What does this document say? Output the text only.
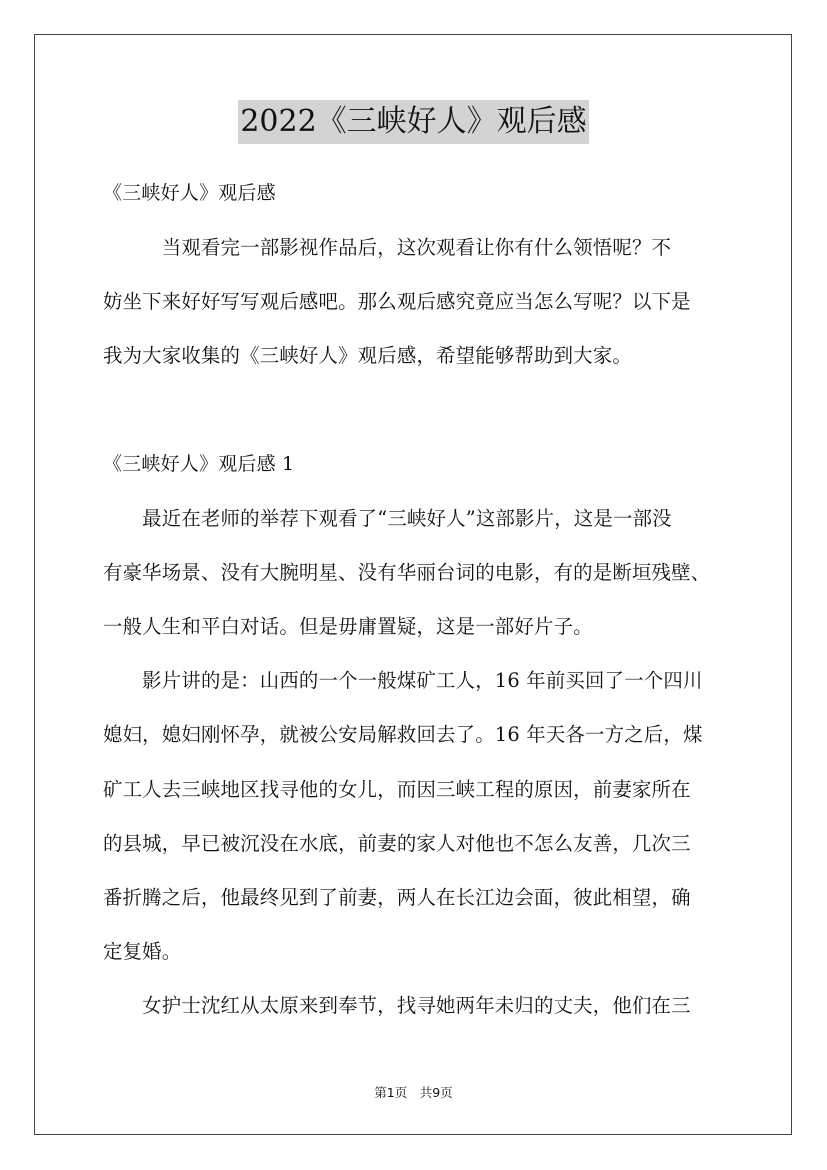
2022《三峡好人》观后感
《三峡好人》观后感
　　　当观看完一部影视作品后，这次观看让你有什么领悟呢？不
妨坐下来好好写写观后感吧。那么观后感究竟应当怎么写呢？以下是
我为大家收集的《三峡好人》观后感，希望能够帮助到大家。
《三峡好人》观后感 1
　　最近在老师的举荐下观看了“三峡好人”这部影片，这是一部没
有豪华场景、没有大腕明星、没有华丽台词的电影，有的是断垣残壁、
一般人生和平白对话。但是毋庸置疑，这是一部好片子。
　　影片讲的是：山西的一个一般煤矿工人，16 年前买回了一个四川
媳妇，媳妇刚怀孕，就被公安局解救回去了。16 年天各一方之后，煤
矿工人去三峡地区找寻他的女儿，而因三峡工程的原因，前妻家所在
的县城，早已被沉没在水底，前妻的家人对他也不怎么友善，几次三
番折腾之后，他最终见到了前妻，两人在长江边会面，彼此相望，确
定复婚。
　　女护士沈红从太原来到奉节，找寻她两年未归的丈夫，他们在三
第1页　共9页
